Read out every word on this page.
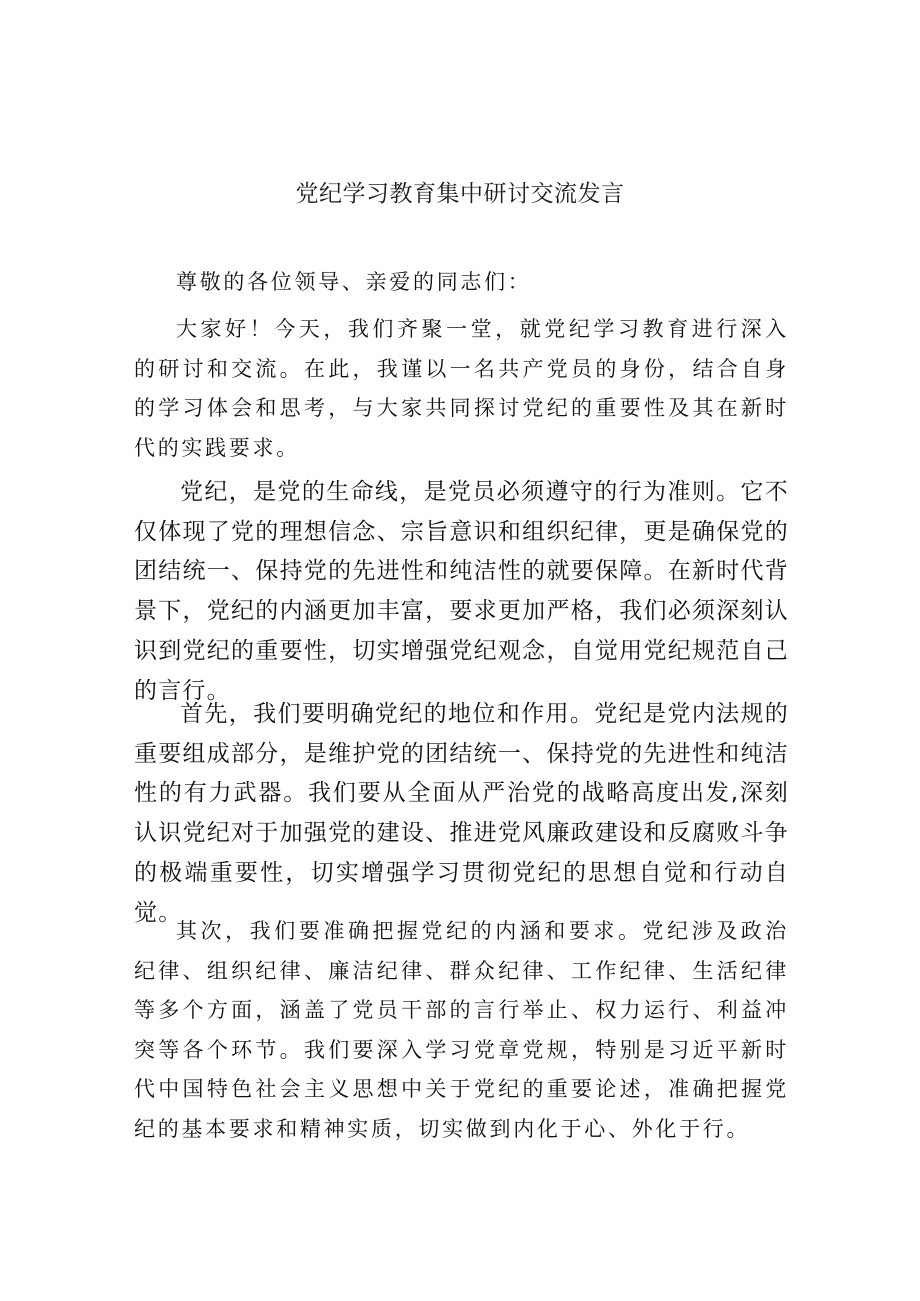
党纪学习教育集中研讨交流发言

尊敬的各位领导、亲爱的同志们：

大家好！今天，我们齐聚一堂，就党纪学习教育进行深入的研讨和交流。在此，我谨以一名共产党员的身份，结合自身的学习体会和思考，与大家共同探讨党纪的重要性及其在新时代的实践要求。

党纪，是党的生命线，是党员必须遵守的行为准则。它不仅体现了党的理想信念、宗旨意识和组织纪律，更是确保党的团结统一、保持党的先进性和纯洁性的就要保障。在新时代背景下，党纪的内涵更加丰富，要求更加严格，我们必须深刻认识到党纪的重要性，切实增强党纪观念，自觉用党纪规范自己的言行。

首先，我们要明确党纪的地位和作用。党纪是党内法规的重要组成部分，是维护党的团结统一、保持党的先进性和纯洁性的有力武器。我们要从全面从严治党的战略高度出发,深刻认识党纪对于加强党的建设、推进党风廉政建设和反腐败斗争的极端重要性，切实增强学习贯彻党纪的思想自觉和行动自觉。

其次，我们要准确把握党纪的内涵和要求。党纪涉及政治纪律、组织纪律、廉洁纪律、群众纪律、工作纪律、生活纪律等多个方面，涵盖了党员干部的言行举止、权力运行、利益冲突等各个环节。我们要深入学习党章党规，特别是习近平新时代中国特色社会主义思想中关于党纪的重要论述，准确把握党纪的基本要求和精神实质，切实做到内化于心、外化于行。
